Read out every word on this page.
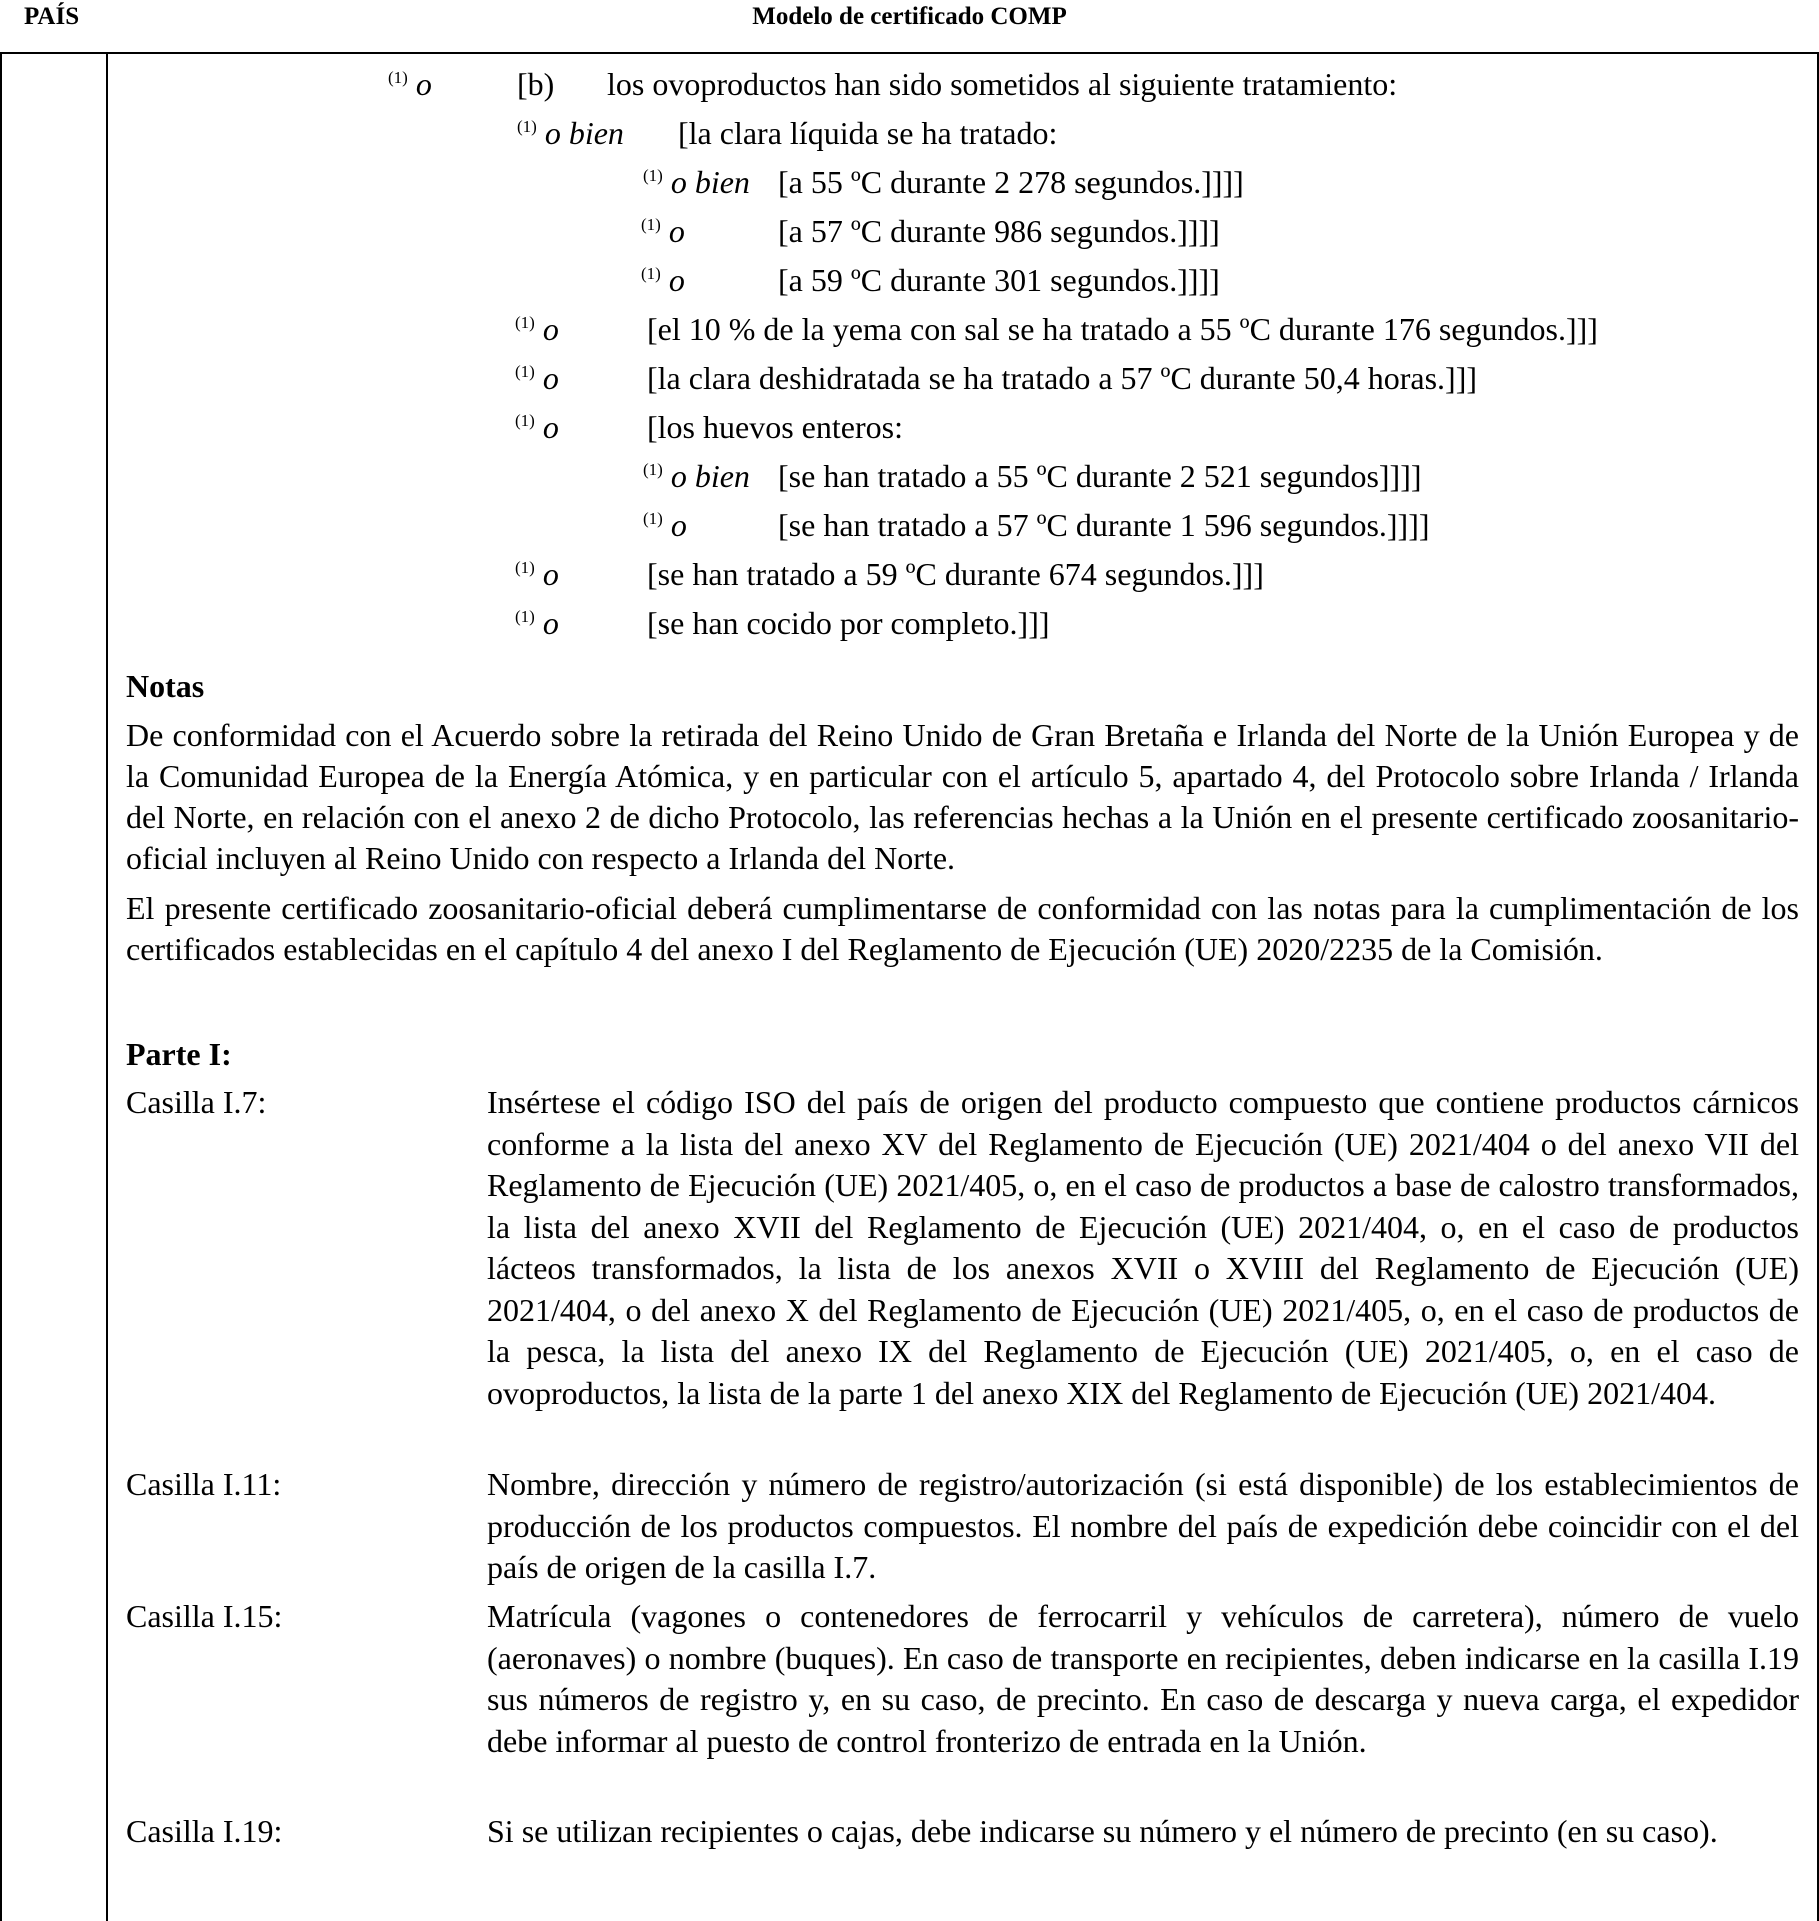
PAÍS	Modelo de certificado COMP
$^{(1)}$ o	[b) los ovoproductos han sido sometidos al siguiente tratamiento:
$^{(1)}$ o bien [la clara líquida se ha tratado:
$^{(1)}$ o bien [a 55 ºC durante 2 278 segundos.]]]]
$^{(1)}$ o	[a 57 ºC durante 986 segundos.]]]]
$^{(1)}$ o	[a 59 ºC durante 301 segundos.]]]]
$^{(1)}$ o	[el 10 % de la yema con sal se ha tratado a 55 ºC durante 176 segundos.]]]
$^{(1)}$ o	[la clara deshidratada se ha tratado a 57 ºC durante 50,4 horas.]]]
$^{(1)}$ o	[los huevos enteros:
$^{(1)}$ o bien [se han tratado a 55 ºC durante 2 521 segundos]]]]
$^{(1)}$ o	[se han tratado a 57 ºC durante 1 596 segundos.]]]]
$^{(1)}$ o	[se han tratado a 59 ºC durante 674 segundos.]]]
$^{(1)}$ o	[se han cocido por completo.]]]
Notas
De conformidad con el Acuerdo sobre la retirada del Reino Unido de Gran Bretaña e Irlanda del Norte de la Unión Europea y de la Comunidad Europea de la Energía Atómica, y en particular con el artículo 5, apartado 4, del Protocolo sobre Irlanda / Irlanda del Norte, en relación con el anexo 2 de dicho Protocolo, las referencias hechas a la Unión en el presente certificado zoosanitario-oficial incluyen al Reino Unido con respecto a Irlanda del Norte.
El presente certificado zoosanitario-oficial deberá cumplimentarse de conformidad con las notas para la cumplimentación de los certificados establecidas en el capítulo 4 del anexo I del Reglamento de Ejecución (UE) 2020/2235 de la Comisión.
Parte I:
Casilla I.7:	Insértese el código ISO del país de origen del producto compuesto que contiene productos cárnicos conforme a la lista del anexo XV del Reglamento de Ejecución (UE) 2021/404 o del anexo VII del Reglamento de Ejecución (UE) 2021/405, o, en el caso de productos a base de calostro transformados, la lista del anexo XVII del Reglamento de Ejecución (UE) 2021/404, o, en el caso de productos lácteos transformados, la lista de los anexos XVII o XVIII del Reglamento de Ejecución (UE) 2021/404, o del anexo X del Reglamento de Ejecución (UE) 2021/405, o, en el caso de productos de la pesca, la lista del anexo IX del Reglamento de Ejecución (UE) 2021/405, o, en el caso de ovoproductos, la lista de la parte 1 del anexo XIX del Reglamento de Ejecución (UE) 2021/404.
Casilla I.11:	Nombre, dirección y número de registro/autorización (si está disponible) de los establecimientos de producción de los productos compuestos. El nombre del país de expedición debe coincidir con el del país de origen de la casilla I.7.
Casilla I.15:	Matrícula (vagones o contenedores de ferrocarril y vehículos de carretera), número de vuelo (aeronaves) o nombre (buques). En caso de transporte en recipientes, deben indicarse en la casilla I.19 sus números de registro y, en su caso, de precinto. En caso de descarga y nueva carga, el expedidor debe informar al puesto de control fronterizo de entrada en la Unión.
Casilla I.19:	Si se utilizan recipientes o cajas, debe indicarse su número y el número de precinto (en su caso).
